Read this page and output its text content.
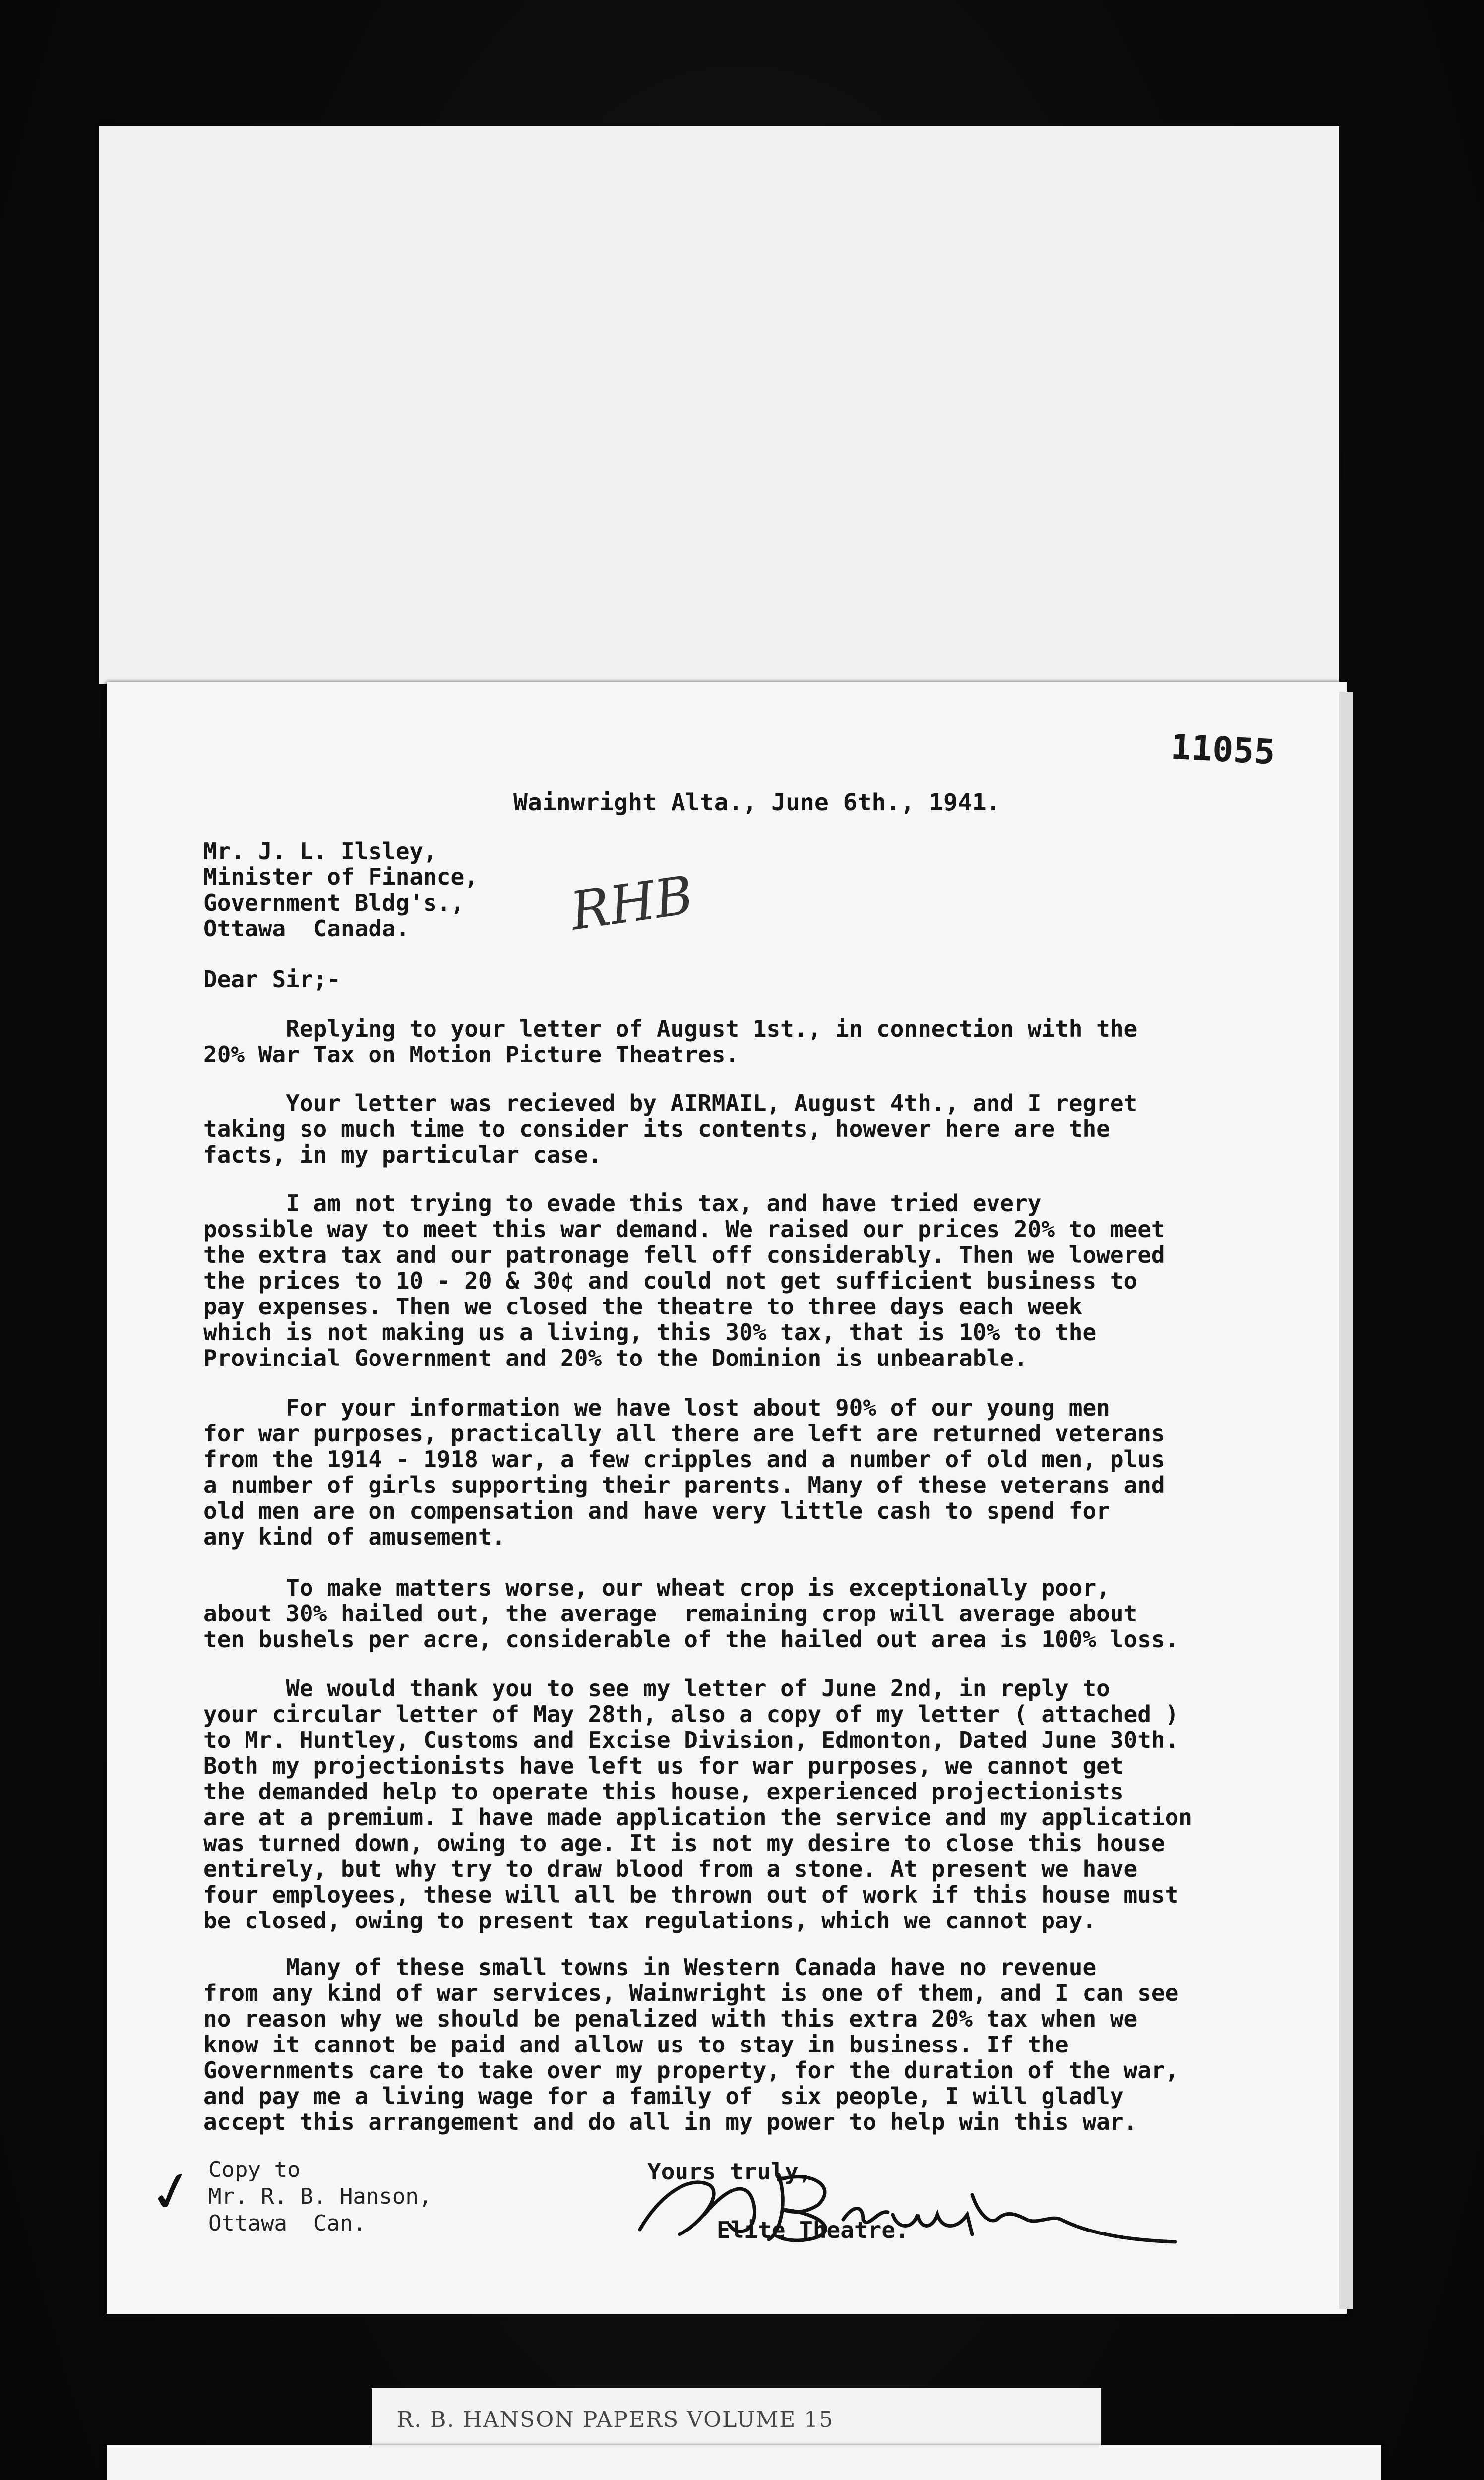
11055
Wainwright Alta., June 6th., 1941.
Mr. J. L. Ilsley,
Minister of Finance,
Government Bldg's.,
Ottawa  Canada.	RHB
Dear Sir;-
Replying to your letter of August 1st., in connection with the
20% War Tax on Motion Picture Theatres.
Your letter was recieved by AIRMAIL, August 4th., and I regret
taking so much time to consider its contents, however here are the
facts, in my particular case.
I am not trying to evade this tax, and have tried every
possible way to meet this war demand. We raised our prices 20% to meet
the extra tax and our patronage fell off considerably. Then we lowered
the prices to 10 - 20 & 30¢ and could not get sufficient business to
pay expenses. Then we closed the theatre to three days each week
which is not making us a living, this 30% tax, that is 10% to the
Provincial Government and 20% to the Dominion is unbearable.
For your information we have lost about 90% of our young men
for war purposes, practically all there are left are returned veterans
from the 1914 - 1918 war, a few cripples and a number of old men, plus
a number of girls supporting their parents. Many of these veterans and
old men are on compensation and have very little cash to spend for
any kind of amusement.
To make matters worse, our wheat crop is exceptionally poor,
about 30% hailed out, the average  remaining crop will average about
ten bushels per acre, considerable of the hailed out area is 100% loss.
We would thank you to see my letter of June 2nd, in reply to
your circular letter of May 28th, also a copy of my letter ( attached )
to Mr. Huntley, Customs and Excise Division, Edmonton, Dated June 30th.
Both my projectionists have left us for war purposes, we cannot get
the demanded help to operate this house, experienced projectionists
are at a premium. I have made application the service and my application
was turned down, owing to age. It is not my desire to close this house
entirely, but why try to draw blood from a stone. At present we have
four employees, these will all be thrown out of work if this house must
be closed, owing to present tax regulations, which we cannot pay.
Many of these small towns in Western Canada have no revenue
from any kind of war services, Wainwright is one of them, and I can see
no reason why we should be penalized with this extra 20% tax when we
know it cannot be paid and allow us to stay in business. If the
Governments care to take over my property, for the duration of the war,
and pay me a living wage for a family of  six people, I will gladly
accept this arrangement and do all in my power to help win this war.
✓ Copy to
Mr. R. B. Hanson,
Ottawa  Can.
Yours truly,
Elite Theatre.
R. B. HANSON PAPERS VOLUME 15
